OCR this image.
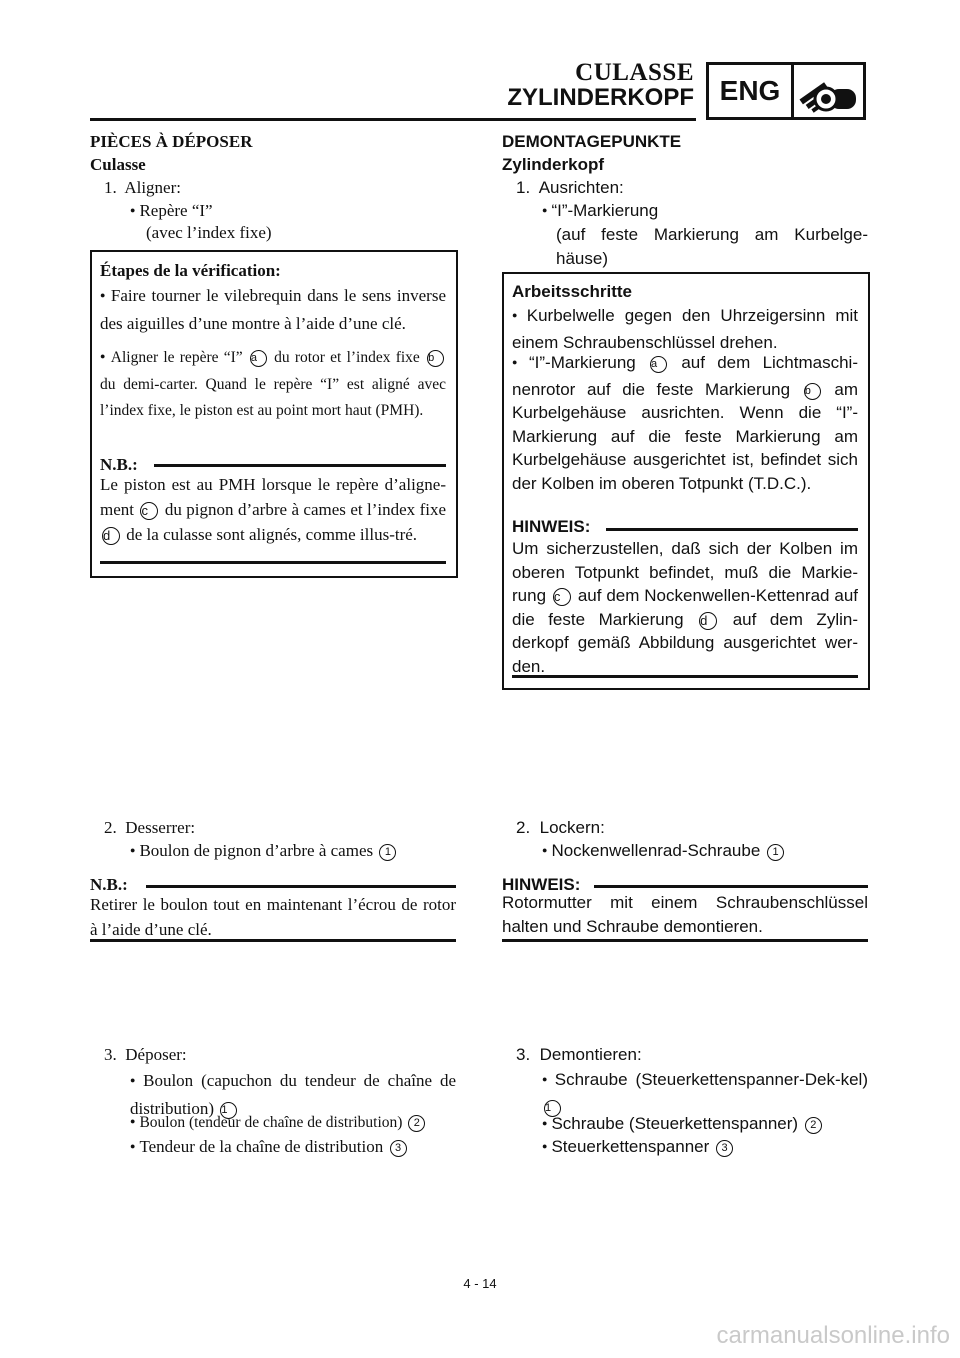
CULASSE
ZYLINDERKOPF ENG
PIÈCES À DÉPOSER
Culasse
1. Aligner:
● Repère “I”
(avec l’index fixe)
Étapes de la vérification:
● Faire tourner le vilebrequin dans le sens inverse des aiguilles d’une montre à l’aide d’une clé.
● Aligner le repère “I” a du rotor et l’index fixe b du demi-carter. Quand le repère “I” est aligné avec l’index fixe, le piston est au point mort haut (PMH).
N.B.:
Le piston est au PMH lorsque le repère d’aligne-ment c du pignon d’arbre à cames et l’index fixe d de la culasse sont alignés, comme illus-tré.
2. Desserrer:
● Boulon de pignon d’arbre à cames 1
N.B.:
Retirer le boulon tout en maintenant l’écrou de rotor à l’aide d’une clé.
3. Déposer:
● Boulon (capuchon du tendeur de chaîne de distribution) 1
● Boulon (tendeur de chaîne de distribution) 2
● Tendeur de la chaîne de distribution 3
DEMONTAGEPUNKTE
Zylinderkopf
1. Ausrichten:
● “I”-Markierung
(auf feste Markierung am Kurbelge-häuse)
Arbeitsschritte
● Kurbelwelle gegen den Uhrzeigersinn mit einem Schraubenschlüssel drehen.
● “I”-Markierung a auf dem Lichtmaschi-nenrotor auf die feste Markierung b am Kurbelgehäuse ausrichten. Wenn die “I”-Markierung auf die feste Markierung am Kurbelgehäuse ausgerichtet ist, befindet sich der Kolben im oberen Totpunkt (T.D.C.).
HINWEIS:
Um sicherzustellen, daß sich der Kolben im oberen Totpunkt befindet, muß die Markie-rung c auf dem Nockenwellen-Kettenrad auf die feste Markierung d auf dem Zylin-derkopf gemäß Abbildung ausgerichtet wer-den.
2. Lockern:
● Nockenwellenrad-Schraube 1
HINWEIS:
Rotormutter mit einem Schraubenschlüssel halten und Schraube demontieren.
3. Demontieren:
● Schraube (Steuerkettenspanner-Dek-kel) 1
● Schraube (Steuerkettenspanner) 2
● Steuerkettenspanner 3
4 - 14
carmanualsonline.info
